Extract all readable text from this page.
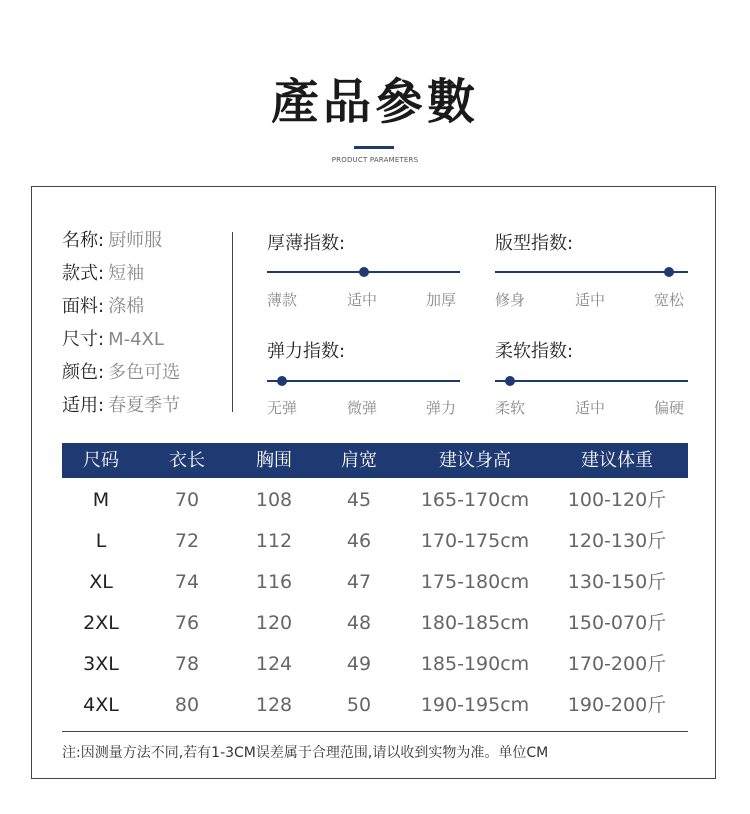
產品參數
PRODUCT PARAMETERS
名称: 厨师服
款式: 短袖
面料: 涤棉
尺寸: M-4XL
颜色: 多色可选
适用: 春夏季节
厚薄指数:
薄款	适中	加厚
版型指数:
修身	适中	宽松
弹力指数:
无弹	微弹	弹力
柔软指数:
柔软	适中	偏硬
尺码	衣长	胸围	肩宽	建议身高	建议体重
M	70	108	45	165-170cm	100-120斤
L	72	112	46	170-175cm	120-130斤
XL	74	116	47	175-180cm	130-150斤
2XL	76	120	48	180-185cm	150-070斤
3XL	78	124	49	185-190cm	170-200斤
4XL	80	128	50	190-195cm	190-200斤
注:因测量方法不同,若有1-3CM误差属于合理范围,请以收到实物为准。单位CM
